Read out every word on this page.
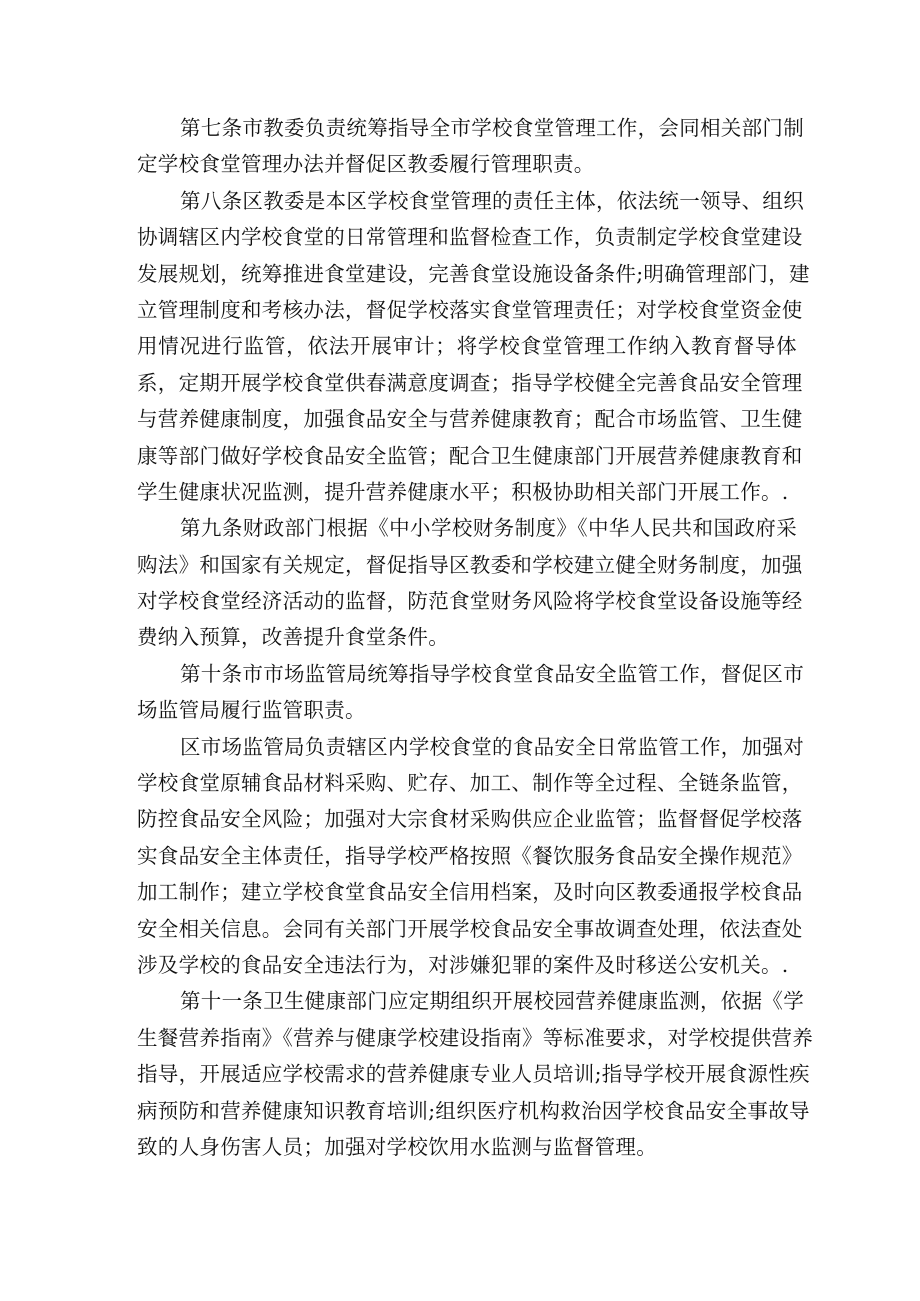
第七条市教委负责统筹指导全市学校食堂管理工作，会同相关部门制
定学校食堂管理办法并督促区教委履行管理职责。
第八条区教委是本区学校食堂管理的责任主体，依法统一领导、组织
协调辖区内学校食堂的日常管理和监督检查工作，负责制定学校食堂建设
发展规划，统筹推进食堂建设，完善食堂设施设备条件;明确管理部门，建
立管理制度和考核办法，督促学校落实食堂管理责任；对学校食堂资金使
用情况进行监管，依法开展审计；将学校食堂管理工作纳入教育督导体
系，定期开展学校食堂供春满意度调查；指导学校健全完善食品安全管理
与营养健康制度，加强食品安全与营养健康教育；配合市场监管、卫生健
康等部门做好学校食品安全监管；配合卫生健康部门开展营养健康教育和
学生健康状况监测，提升营养健康水平；积极协助相关部门开展工作。.
第九条财政部门根据《中小学校财务制度》《中华人民共和国政府采
购法》和国家有关规定，督促指导区教委和学校建立健全财务制度，加强
对学校食堂经济活动的监督，防范食堂财务风险将学校食堂设备设施等经
费纳入预算，改善提升食堂条件。
第十条市市场监管局统筹指导学校食堂食品安全监管工作，督促区市
场监管局履行监管职责。
区市场监管局负责辖区内学校食堂的食品安全日常监管工作，加强对
学校食堂原辅食品材料采购、贮存、加工、制作等全过程、全链条监管，
防控食品安全风险；加强对大宗食材采购供应企业监管；监督督促学校落
实食品安全主体责任，指导学校严格按照《餐饮服务食品安全操作规范》
加工制作；建立学校食堂食品安全信用档案，及时向区教委通报学校食品
安全相关信息。会同有关部门开展学校食品安全事故调查处理，依法查处
涉及学校的食品安全违法行为，对涉嫌犯罪的案件及时移送公安机关。.
第十一条卫生健康部门应定期组织开展校园营养健康监测，依据《学
生餐营养指南》《营养与健康学校建设指南》等标准要求，对学校提供营养
指导，开展适应学校需求的营养健康专业人员培训;指导学校开展食源性疾
病预防和营养健康知识教育培训;组织医疗机构救治因学校食品安全事故导
致的人身伤害人员；加强对学校饮用水监测与监督管理。
